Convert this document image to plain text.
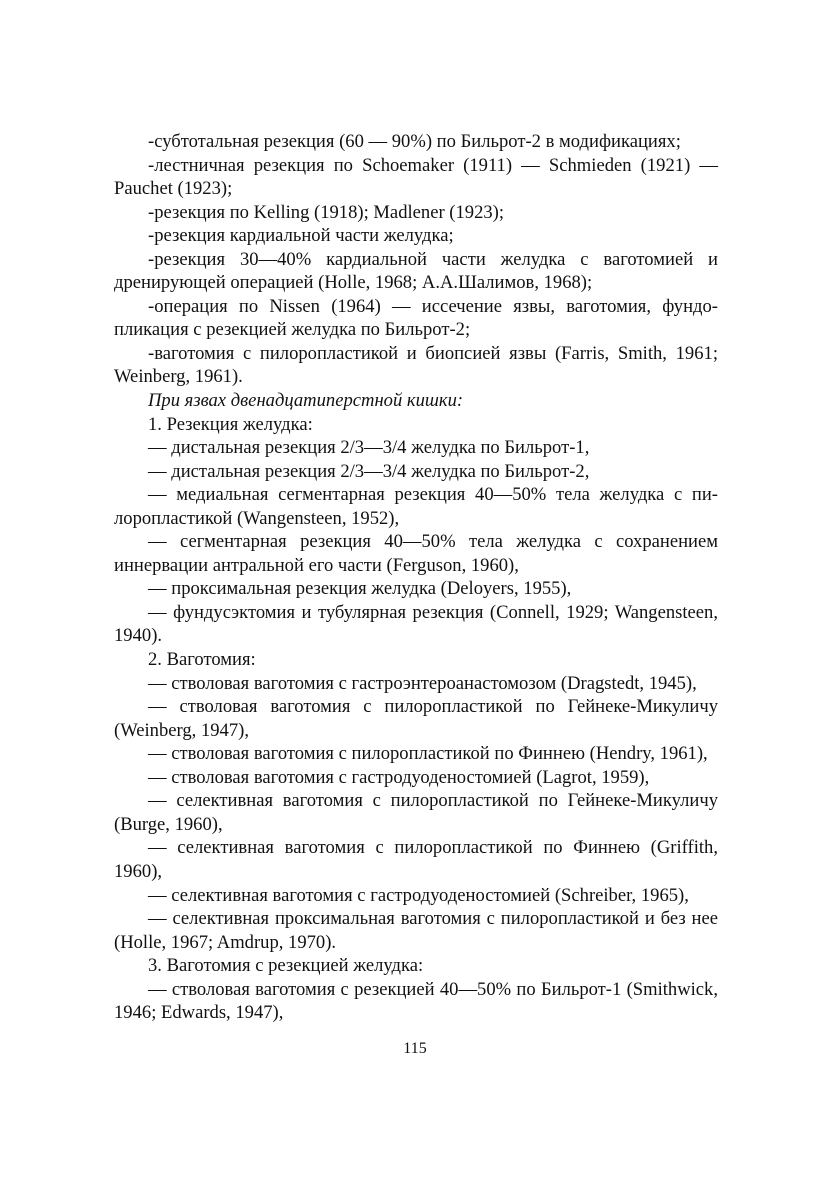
-субтотальная резекция (60 — 90%) по Бильрот-2 в модификациях;

-лестничная резекция по Schoemaker (1911) — Schmieden (1921) — Pauchet (1923);

-резекция по Kelling (1918); Madlener (1923);

-резекция кардиальной части желудка;

-резекция 30—40% кардиальной части желудка с ваготомией и дренирующей операцией (Holle, 1968; А.А.Шалимов, 1968);

-операция по Nissen (1964) — иссечение язвы, ваготомия, фундопликация с резекцией желудка по Бильрот-2;

-ваготомия с пилоропластикой и биопсией язвы (Farris, Smith, 1961; Weinberg, 1961).

При язвах двенадцатиперстной кишки:

1. Резекция желудка:

— дистальная резекция 2/3—3/4 желудка по Бильрот-1,

— дистальная резекция 2/3—3/4 желудка по Бильрот-2,

— медиальная сегментарная резекция 40—50% тела желудка с пилоропластикой (Wangensteen, 1952),

— сегментарная резекция 40—50% тела желудка с сохранением иннервации антральной его части (Ferguson, 1960),

— проксимальная резекция желудка (Deloyers, 1955),

— фундусэктомия и тубулярная резекция (Connell, 1929; Wangensteen, 1940).

2. Ваготомия:

— стволовая ваготомия с гастроэнтероанастомозом (Dragstedt, 1945),

— стволовая ваготомия с пилоропластикой по Гейнеке-Микуличу (Weinberg, 1947),

— стволовая ваготомия с пилоропластикой по Финнею (Hendry, 1961),

— стволовая ваготомия с гастродуоденостомией (Lagrot, 1959),

— селективная ваготомия с пилоропластикой по Гейнеке-Микуличу (Burge, 1960),

— селективная ваготомия с пилоропластикой по Финнею (Griffith, 1960),

— селективная ваготомия с гастродуоденостомией (Schreiber, 1965),

— селективная проксимальная ваготомия с пилоропластикой и без нее (Holle, 1967; Amdrup, 1970).

3. Ваготомия с резекцией желудка:

— стволовая ваготомия с резекцией 40—50% по Бильрот-1 (Smithwick, 1946; Edwards, 1947),

115
